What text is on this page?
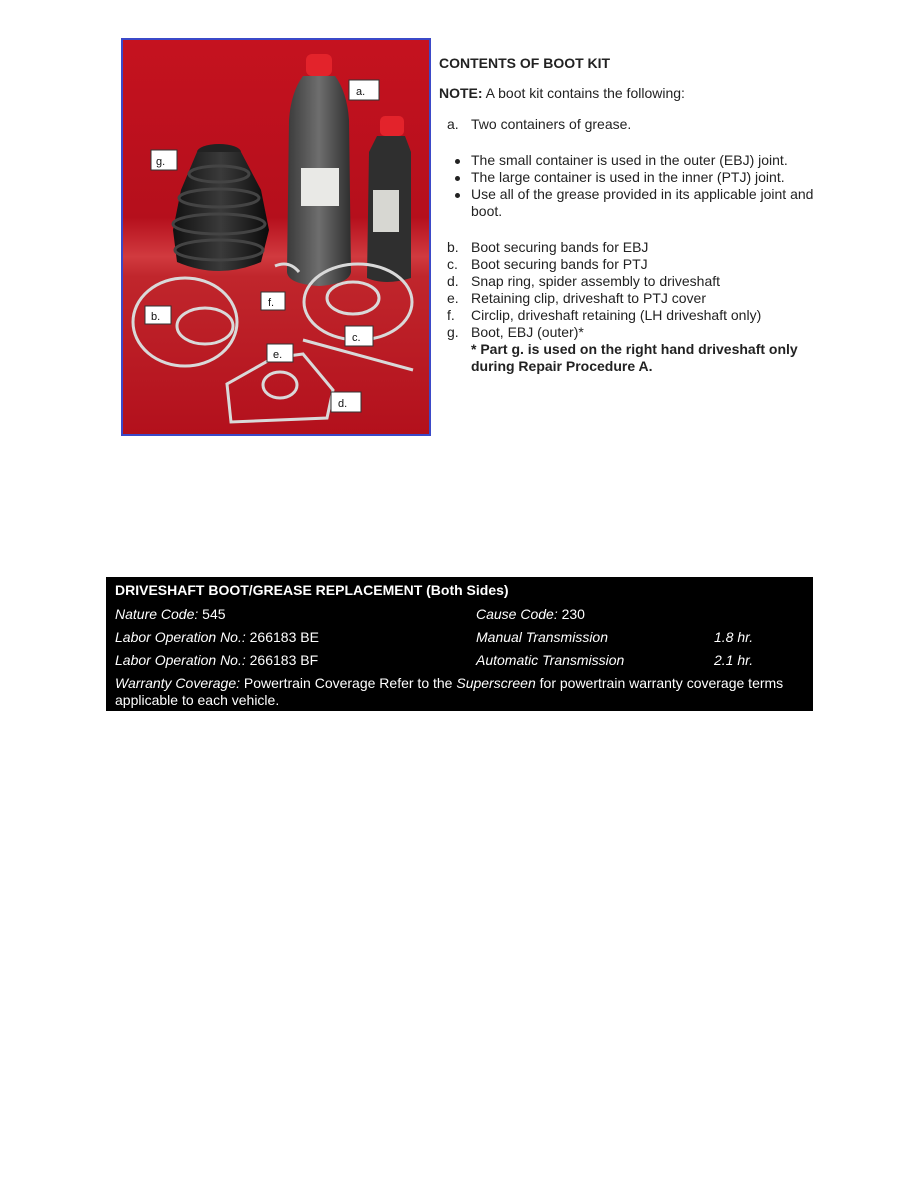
a.
b.
c.
d.
e.
f.
g.

CONTENTS OF BOOT KIT

NOTE: A boot kit contains the following:

a. Two containers of grease.
The small container is used in the outer (EBJ) joint.
The large container is used in the inner (PTJ) joint.
Use all of the grease provided in its applicable joint and boot.
b. Boot securing bands for EBJ
c. Boot securing bands for PTJ
d. Snap ring, spider assembly to driveshaft
e. Retaining clip, driveshaft to PTJ cover
f.	Circlip, driveshaft retaining (LH driveshaft only)
g. Boot, EBJ (outer)*
* Part g. is used on the right hand driveshaft only during Repair Procedure A.
DRIVESHAFT BOOT/GREASE REPLACEMENT (Both Sides)
Nature Code: 545	Cause Code: 230
Labor Operation No.: 266183 BE	Manual Transmission	1.8 hr.
Labor Operation No.: 266183 BF	Automatic Transmission	2.1 hr.
Warranty Coverage: Powertrain Coverage Refer to the Superscreen for powertrain warranty coverage terms applicable to each vehicle.
